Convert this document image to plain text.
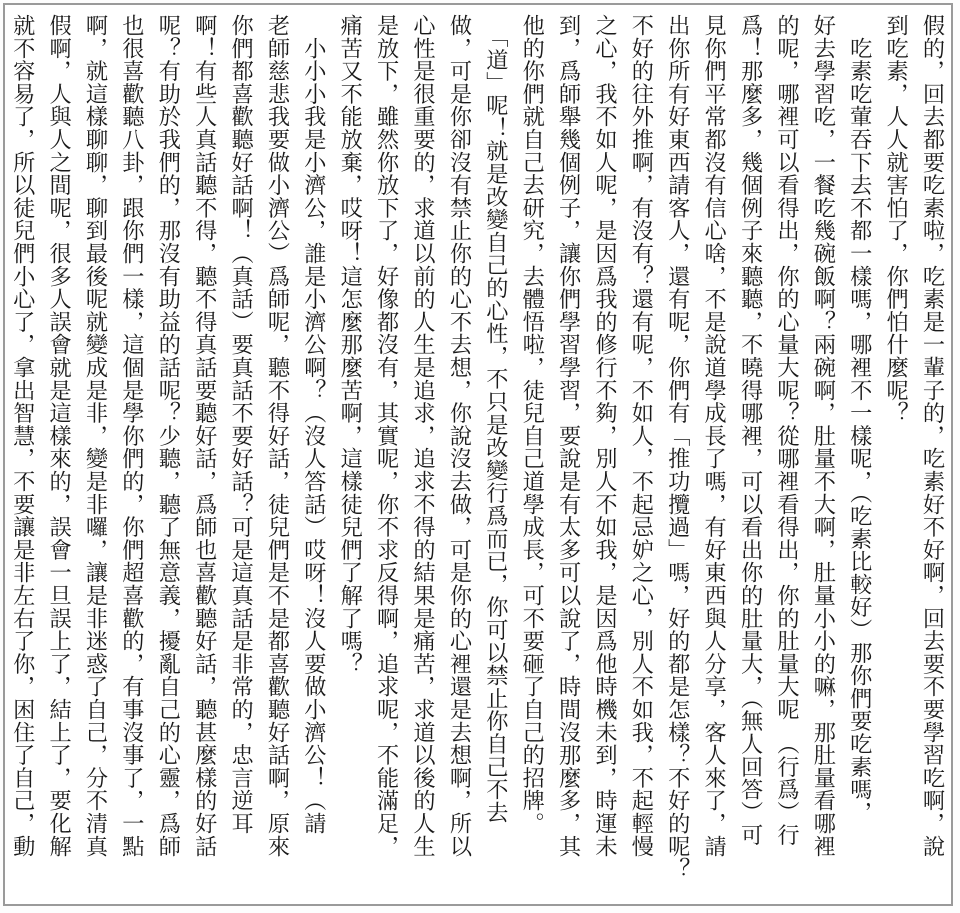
假的，回去都要吃素啦，吃素是一輩子的，吃素好不好啊，回去要不要學習吃啊，說
到吃素，人人就害怕了，你們怕什麼呢？
　吃素吃葷吞下去不都一樣嗎，哪裡不一樣呢，（吃素比較好）那你們要吃素嗎，
好去學習吃，一餐吃幾碗飯啊？兩碗啊，肚量不大啊，肚量小小的嘛，那肚量看哪裡
的呢，哪裡可以看得出，你的心量大呢？從哪裡看得出，你的肚量大呢　（行爲）行
爲！那麼多，幾個例子來聽聽，不曉得哪裡，可以看出你的肚量大，（無人回答）可
見你們平常都沒有信心啥，不是說道學成長了嗎，有好東西與人分享，客人來了，請
出你所有好東西請客人，還有呢，你們有「推功攬過」嗎，好的都是怎樣？不好的呢？
不好的往外推啊，有沒有？還有呢，不如人，不起忌妒之心，別人不如我，不起輕慢
之心，我不如人呢，是因爲我的修行不夠，別人不如我，是因爲他時機未到，時運未
到，爲師舉幾個例子，讓你們學習學習，要說是有太多可以說了，時間沒那麼多，其
他的你們就自己去研究，去體悟啦，徒兒自己道學成長，可不要砸了自己的招牌。
　「道」呢！就是改變自己的心性，不只是改變行爲而已，你可以禁止你自己不去
做，可是你卻沒有禁止你的心不去想，你說沒去做，可是你的心裡還是去想啊，所以
心性是很重要的，求道以前的人生是追求，追求不得的結果是痛苦，求道以後的人生
是放下，雖然你放下了，好像都沒有，其實呢，你不求反得啊，追求呢，不能滿足，
痛苦又不能放棄，哎呀！這怎麼那麼苦啊，這樣徒兒們了解了嗎？
　小小小我是小濟公，誰是小濟公啊？（沒人答話）哎呀！沒人要做小濟公！（請
老師慈悲我要做小濟公）爲師呢，聽不得好話，徒兒們是不是都喜歡聽好話啊，原來
你們都喜歡聽好話啊！（真話）要真話不要好話？可是這真話是非常的，忠言逆耳
啊！有些人真話聽不得，聽不得真話要聽好話，爲師也喜歡聽好話，聽甚麼樣的好話
呢？有助於我們的，那沒有助益的話呢？少聽，聽了無意義，擾亂自己的心靈，爲師
也很喜歡聽八卦，跟你們一樣，這個是學你們的，你們超喜歡的，有事沒事了，一點
啊，就這樣聊聊，聊到最後呢就變成是非，變是非囉，讓是非迷惑了自己，分不清真
假啊，人與人之間呢，很多人誤會就是這樣來的，誤會一旦誤上了，結上了，要化解
就不容易了，所以徒兒們小心了，拿出智慧，不要讓是非左右了你，困住了自己，動
